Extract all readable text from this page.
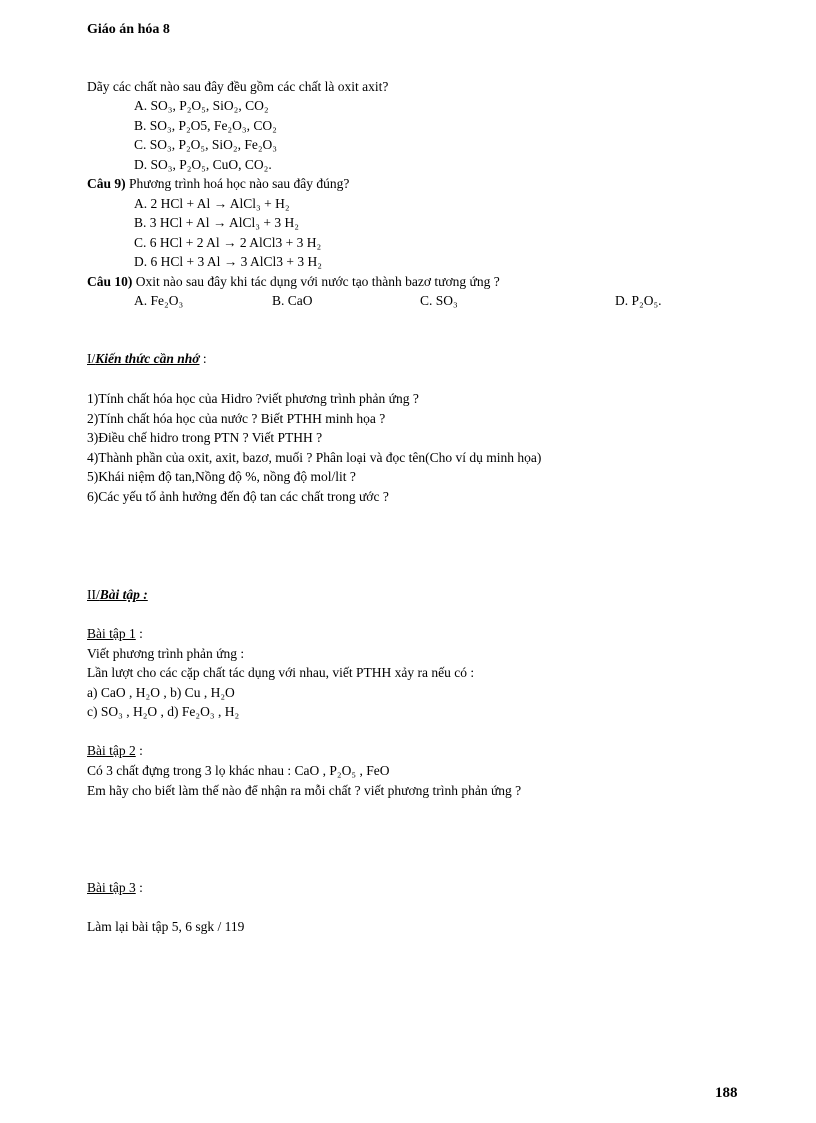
Giáo án hóa 8
Dãy các chất nào sau đây đều gồm các chất là oxit axit?
A. SO₃, P₂O₅, SiO₂, CO₂
B. SO₃, P₂O5, Fe₂O₃, CO₂
C. SO₃, P₂O₅, SiO₂, Fe₂O₃
D. SO₃, P₂O₅, CuO, CO₂.
Câu 9) Phương trình hoá học nào sau đây đúng?
A. 2 HCl + Al → AlCl₃ + H₂
B. 3 HCl + Al → AlCl₃ + 3 H₂
C. 6 HCl + 2 Al → 2 AlCl3 + 3 H₂
D. 6 HCl + 3 Al → 3 AlCl3 + 3 H₂
Câu 10) Oxit nào sau đây khi tác dụng với nước tạo thành bazơ tương ứng ?
A. Fe₂O₃	B. CaO	C. SO₃	D. P₂O₅.
I/Kiến thức cần nhớ :
1)Tính chất hóa học của Hidro ?viết phương trình phản ứng ?
2)Tính chất hóa học của nước ? Biết PTHH minh họa ?
3)Điều chế hidro trong PTN ? Viết PTHH ?
4)Thành phần của oxit, axit, bazơ, muối ? Phân loại và đọc tên(Cho ví dụ minh họa)
5)Khái niệm độ tan,Nồng độ %, nồng độ mol/lit ?
6)Các yếu tố ảnh hưởng đến độ tan các chất trong ước ?
II/Bài tập :
Bài tập 1 :
Viết phương trình phản ứng :
Lần lượt cho các cặp chất tác dụng với nhau, viết PTHH xảy ra nếu có :
a) CaO , H₂O , b) Cu , H₂O
c) SO₃ , H₂O , d) Fe₂O₃ , H₂
Bài tập 2 :
Có 3 chất đựng trong 3 lọ khác nhau : CaO , P₂O₅ , FeO
Em hãy cho biết làm thế nào để nhận ra mỗi chất ? viết phương trình phản ứng ?
Bài tập 3 :
Làm lại bài tập 5, 6 sgk / 119
188
